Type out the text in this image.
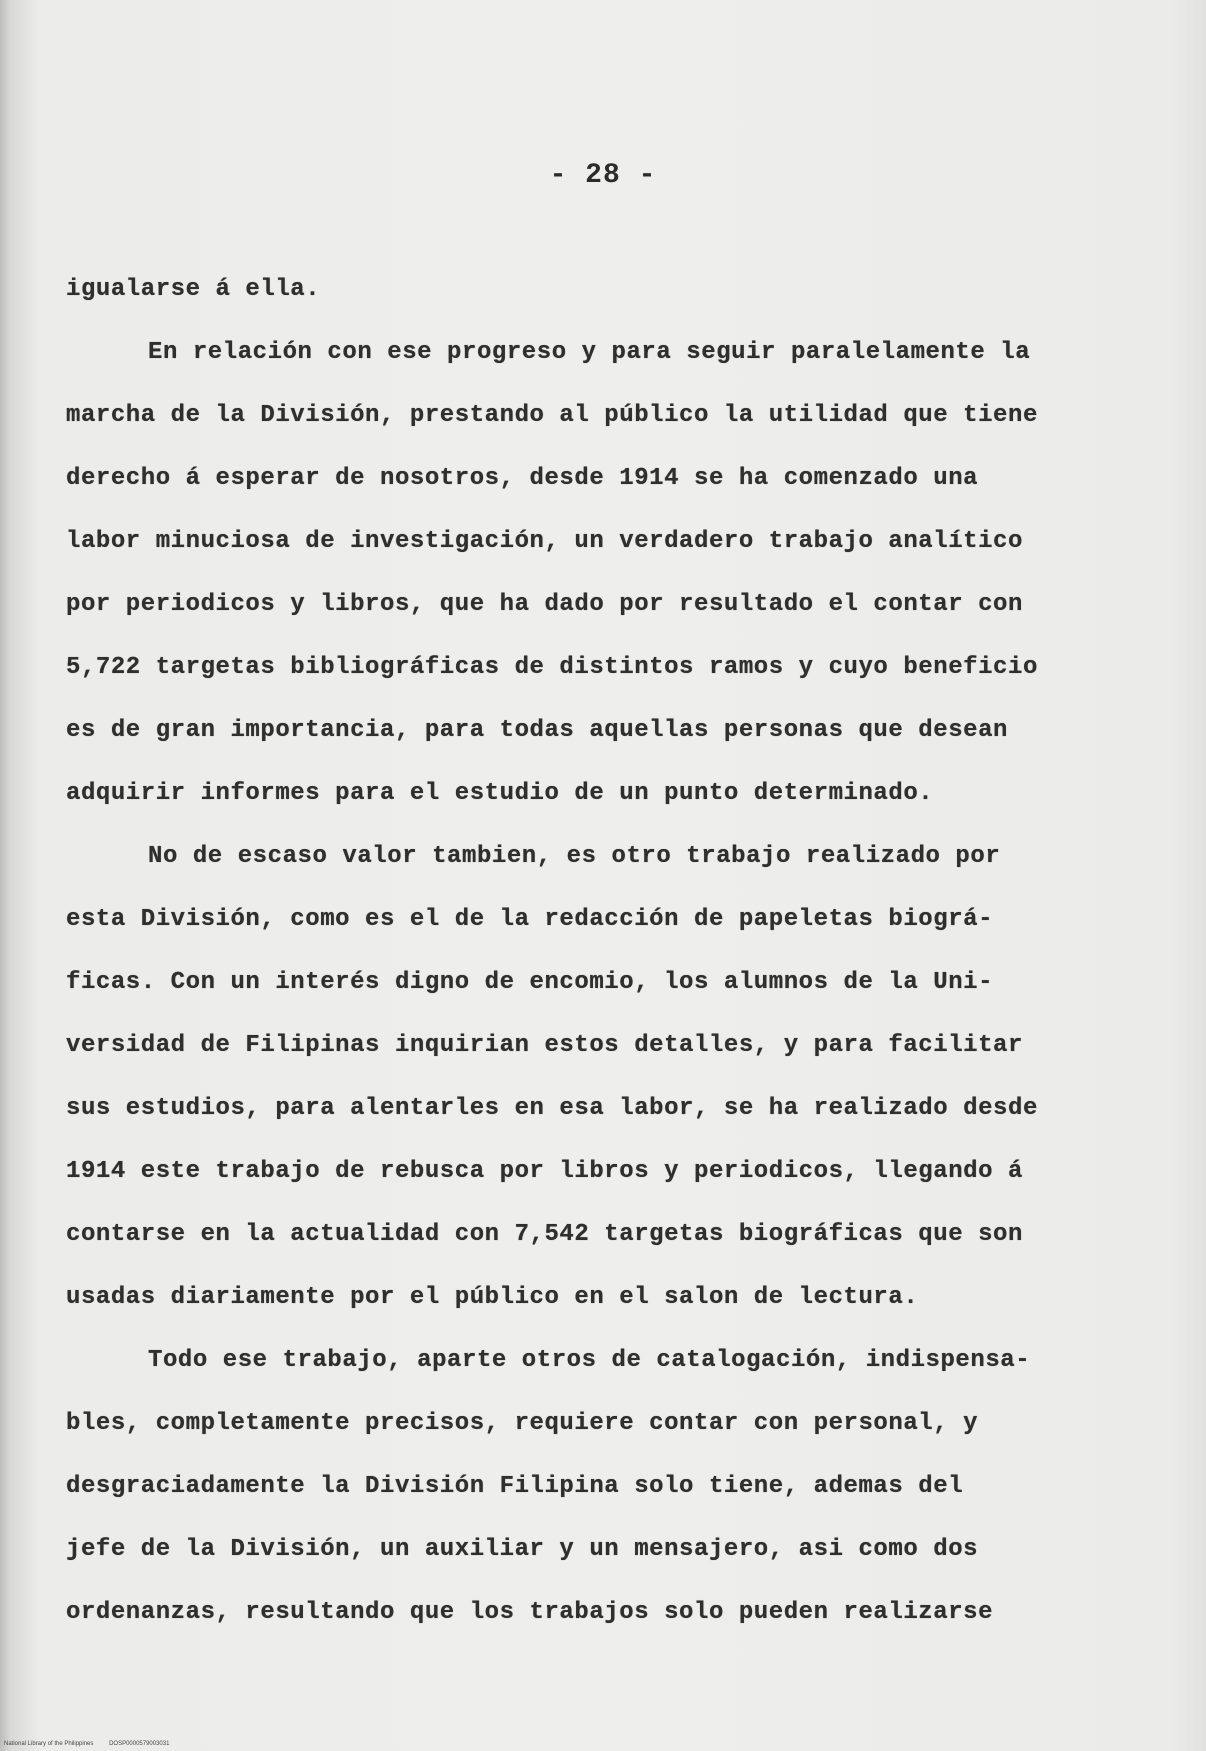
- 28 -
igualarse á ella.
En relación con ese progreso y para seguir paralelamente la
marcha de la División, prestando al público la utilidad que tiene
derecho á esperar de nosotros, desde 1914 se ha comenzado una
labor minuciosa de investigación, un verdadero trabajo analítico
por periodicos y libros, que ha dado por resultado el contar con
5,722 targetas bibliográficas de distintos ramos y cuyo beneficio
es de gran importancia, para todas aquellas personas que desean
adquirir informes para el estudio de un punto determinado.
No de escaso valor tambien, es otro trabajo realizado por
esta División, como es el de la redacción de papeletas biográ-
ficas. Con un interés digno de encomio, los alumnos de la Uni-
versidad de Filipinas inquirian estos detalles, y para facilitar
sus estudios, para alentarles en esa labor, se ha realizado desde
1914 este trabajo de rebusca por libros y periodicos, llegando á
contarse en la actualidad con 7,542 targetas biográficas que son
usadas diariamente por el público en el salon de lectura.
Todo ese trabajo, aparte otros de catalogación, indispensa-
bles, completamente precisos, requiere contar con personal, y
desgraciadamente la División Filipina solo tiene, ademas del
jefe de la División, un auxiliar y un mensajero, asi como dos
ordenanzas, resultando que los trabajos solo pueden realizarse
National Library of the Philippines	DOSP0000579003031
